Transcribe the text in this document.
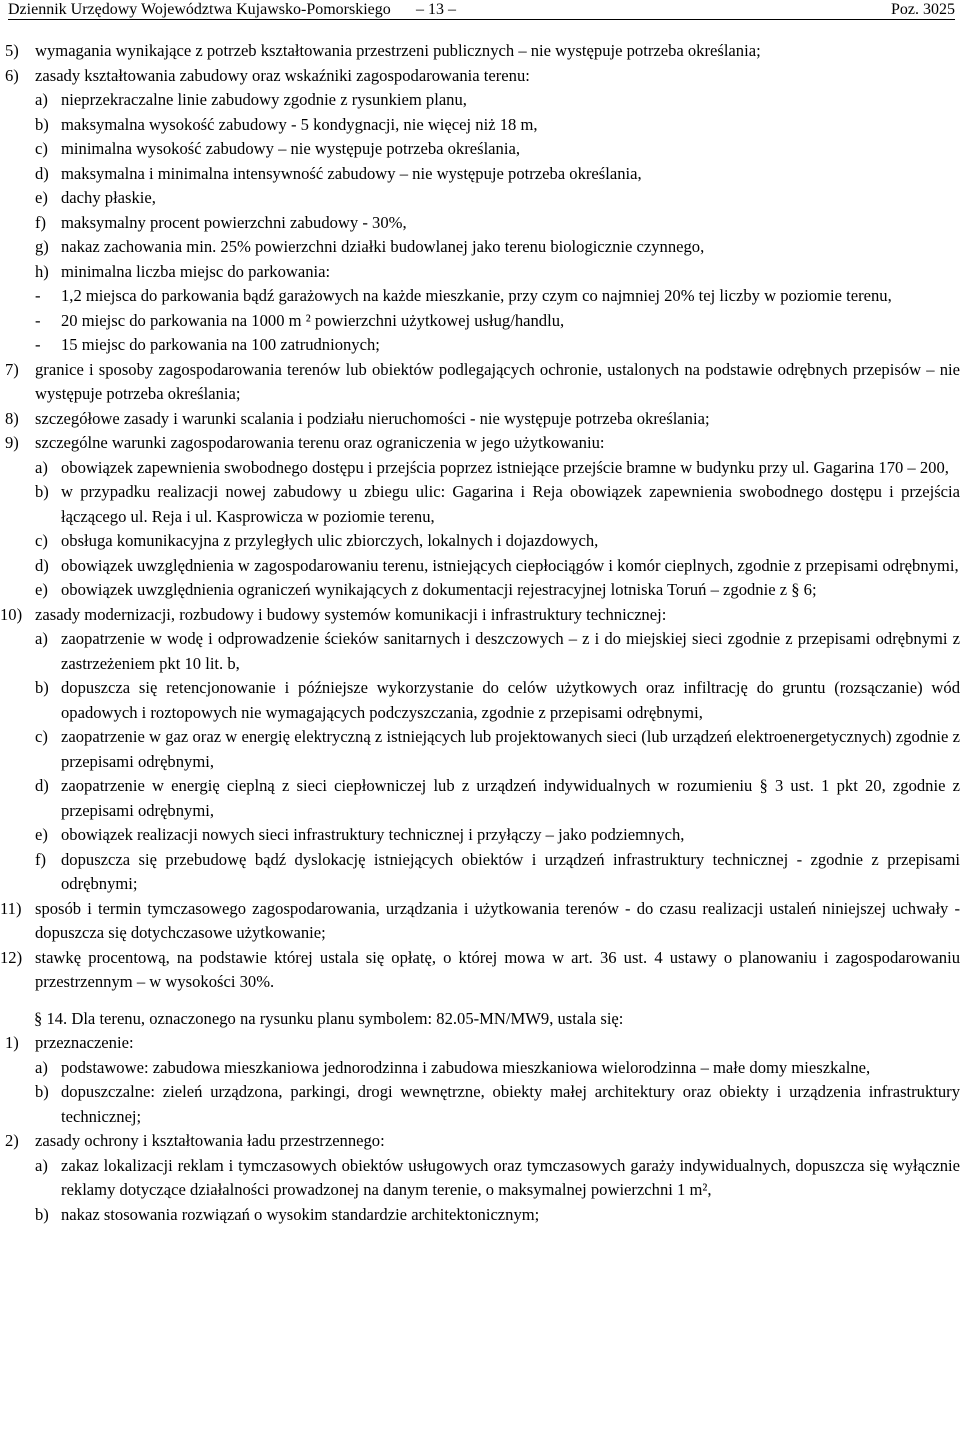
Dziennik Urzędowy Województwa Kujawsko-Pomorskiego – 13 –	Poz. 3025
5) wymagania wynikające z potrzeb kształtowania przestrzeni publicznych – nie występuje potrzeba określania;
6) zasady kształtowania zabudowy oraz wskaźniki zagospodarowania terenu:
a) nieprzekraczalne linie zabudowy zgodnie z rysunkiem planu,
b) maksymalna wysokość zabudowy - 5 kondygnacji, nie więcej niż 18 m,
c) minimalna wysokość zabudowy – nie występuje potrzeba określania,
d) maksymalna i minimalna intensywność zabudowy – nie występuje potrzeba określania,
e) dachy płaskie,
f) maksymalny procent powierzchni zabudowy - 30%,
g) nakaz zachowania min. 25% powierzchni działki budowlanej jako terenu biologicznie czynnego,
h) minimalna liczba miejsc do parkowania:
- 1,2 miejsca do parkowania bądź garażowych na każde mieszkanie, przy czym co najmniej 20% tej liczby w poziomie terenu,
- 20 miejsc do parkowania na 1000 m ² powierzchni użytkowej usług/handlu,
- 15 miejsc do parkowania na 100 zatrudnionych;
7) granice i sposoby zagospodarowania terenów lub obiektów podlegających ochronie, ustalonych na podstawie odrębnych przepisów – nie występuje potrzeba określania;
8) szczegółowe zasady i warunki scalania i podziału nieruchomości - nie występuje potrzeba określania;
9) szczególne warunki zagospodarowania terenu oraz ograniczenia w jego użytkowaniu:
a) obowiązek zapewnienia swobodnego dostępu i przejścia poprzez istniejące przejście bramne w budynku przy ul. Gagarina 170 – 200,
b) w przypadku realizacji nowej zabudowy u zbiegu ulic: Gagarina i Reja obowiązek zapewnienia swobodnego dostępu i przejścia łączącego ul. Reja i ul. Kasprowicza w poziomie terenu,
c) obsługa komunikacyjna z przyległych ulic zbiorczych, lokalnych i dojazdowych,
d) obowiązek uwzględnienia w zagospodarowaniu terenu, istniejących ciepłociągów i komór cieplnych, zgodnie z przepisami odrębnymi,
e) obowiązek uwzględnienia ograniczeń wynikających z dokumentacji rejestracyjnej lotniska Toruń – zgodnie z § 6;
10) zasady modernizacji, rozbudowy i budowy systemów komunikacji i infrastruktury technicznej:
a) zaopatrzenie w wodę i odprowadzenie ścieków sanitarnych i deszczowych – z i do miejskiej sieci zgodnie z przepisami odrębnymi z zastrzeżeniem pkt 10 lit. b,
b) dopuszcza się retencjonowanie i późniejsze wykorzystanie do celów użytkowych oraz infiltrację do gruntu (rozsączanie) wód opadowych i roztopowych nie wymagających podczyszczania, zgodnie z przepisami odrębnymi,
c) zaopatrzenie w gaz oraz w energię elektryczną z istniejących lub projektowanych sieci (lub urządzeń elektroenergetycznych) zgodnie z przepisami odrębnymi,
d) zaopatrzenie w energię cieplną z sieci ciepłowniczej lub z urządzeń indywidualnych w rozumieniu § 3 ust. 1 pkt 20, zgodnie z przepisami odrębnymi,
e) obowiązek realizacji nowych sieci infrastruktury technicznej i przyłączy – jako podziemnych,
f) dopuszcza się przebudowę bądź dyslokację istniejących obiektów i urządzeń infrastruktury technicznej - zgodnie z przepisami odrębnymi;
11) sposób i termin tymczasowego zagospodarowania, urządzania i użytkowania terenów - do czasu realizacji ustaleń niniejszej uchwały - dopuszcza się dotychczasowe użytkowanie;
12) stawkę procentową, na podstawie której ustala się opłatę, o której mowa w art. 36 ust. 4 ustawy o planowaniu i zagospodarowaniu przestrzennym – w wysokości 30%.
§ 14. Dla terenu, oznaczonego na rysunku planu symbolem: 82.05-MN/MW9, ustala się:
1) przeznaczenie:
a) podstawowe: zabudowa mieszkaniowa jednorodzinna i zabudowa mieszkaniowa wielorodzinna – małe domy mieszkalne,
b) dopuszczalne: zieleń urządzona, parkingi, drogi wewnętrzne, obiekty małej architektury oraz obiekty i urządzenia infrastruktury technicznej;
2) zasady ochrony i kształtowania ładu przestrzennego:
a) zakaz lokalizacji reklam i tymczasowych obiektów usługowych oraz tymczasowych garaży indywidualnych, dopuszcza się wyłącznie reklamy dotyczące działalności prowadzonej na danym terenie, o maksymalnej powierzchni 1 m²,
b) nakaz stosowania rozwiązań o wysokim standardzie architektonicznym;
